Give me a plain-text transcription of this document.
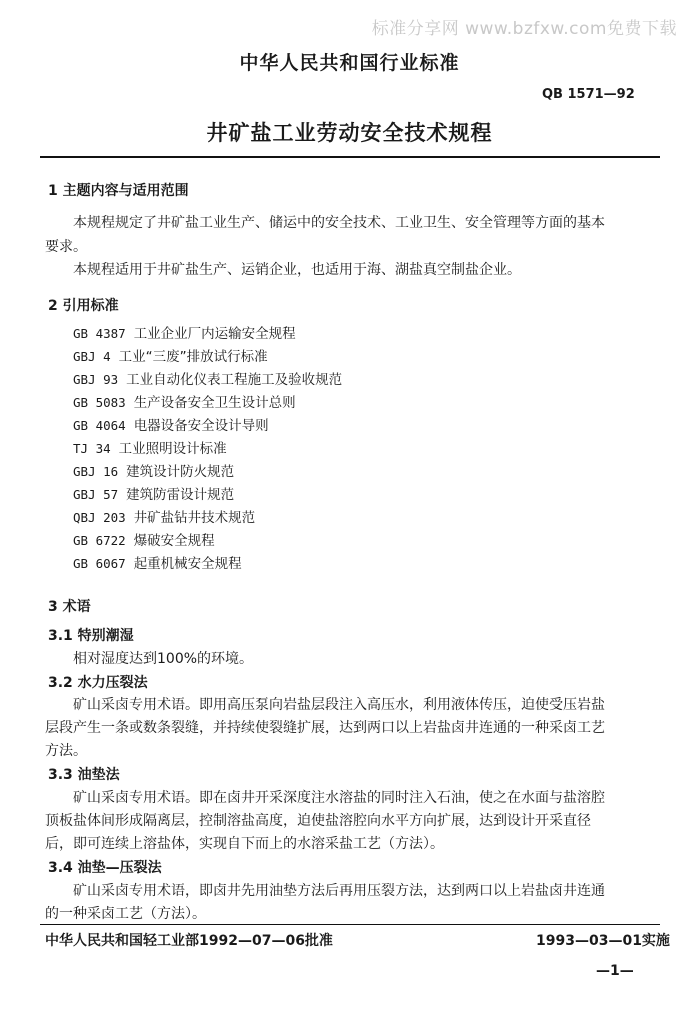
标准分享网 www.bzfxw.com免费下载
中华人民共和国行业标准
QB 1571—92
井矿盐工业劳动安全技术规程
1 主题内容与适用范围
本规程规定了井矿盐工业生产、储运中的安全技术、工业卫生、安全管理等方面的基本
要求。
本规程适用于井矿盐生产、运销企业，也适用于海、湖盐真空制盐企业。
2 引用标准
GB 4387 工业企业厂内运输安全规程
GBJ 4 工业“三废”排放试行标准
GBJ 93 工业自动化仪表工程施工及验收规范
GB 5083 生产设备安全卫生设计总则
GB 4064 电器设备安全设计导则
TJ 34 工业照明设计标准
GBJ 16 建筑设计防火规范
GBJ 57 建筑防雷设计规范
QBJ 203 井矿盐钻井技术规范
GB 6722 爆破安全规程
GB 6067 起重机械安全规程
3 术语
3.1 特别潮湿
相对湿度达到100%的环境。
3.2 水力压裂法
矿山采卤专用术语。即用高压泵向岩盐层段注入高压水，利用液体传压，迫使受压岩盐
层段产生一条或数条裂缝，并持续使裂缝扩展，达到两口以上岩盐卤井连通的一种采卤工艺
方法。
3.3 油垫法
矿山采卤专用术语。即在卤井开采深度注水溶盐的同时注入石油，使之在水面与盐溶腔
顶板盐体间形成隔离层，控制溶盐高度，迫使盐溶腔向水平方向扩展，达到设计开采直径
后，即可连续上溶盐体，实现自下而上的水溶采盐工艺（方法）。
3.4 油垫—压裂法
矿山采卤专用术语，即卤井先用油垫方法后再用压裂方法，达到两口以上岩盐卤井连通
的一种采卤工艺（方法）。
中华人民共和国轻工业部1992—07—06批准	1993—03—01实施
—1—
